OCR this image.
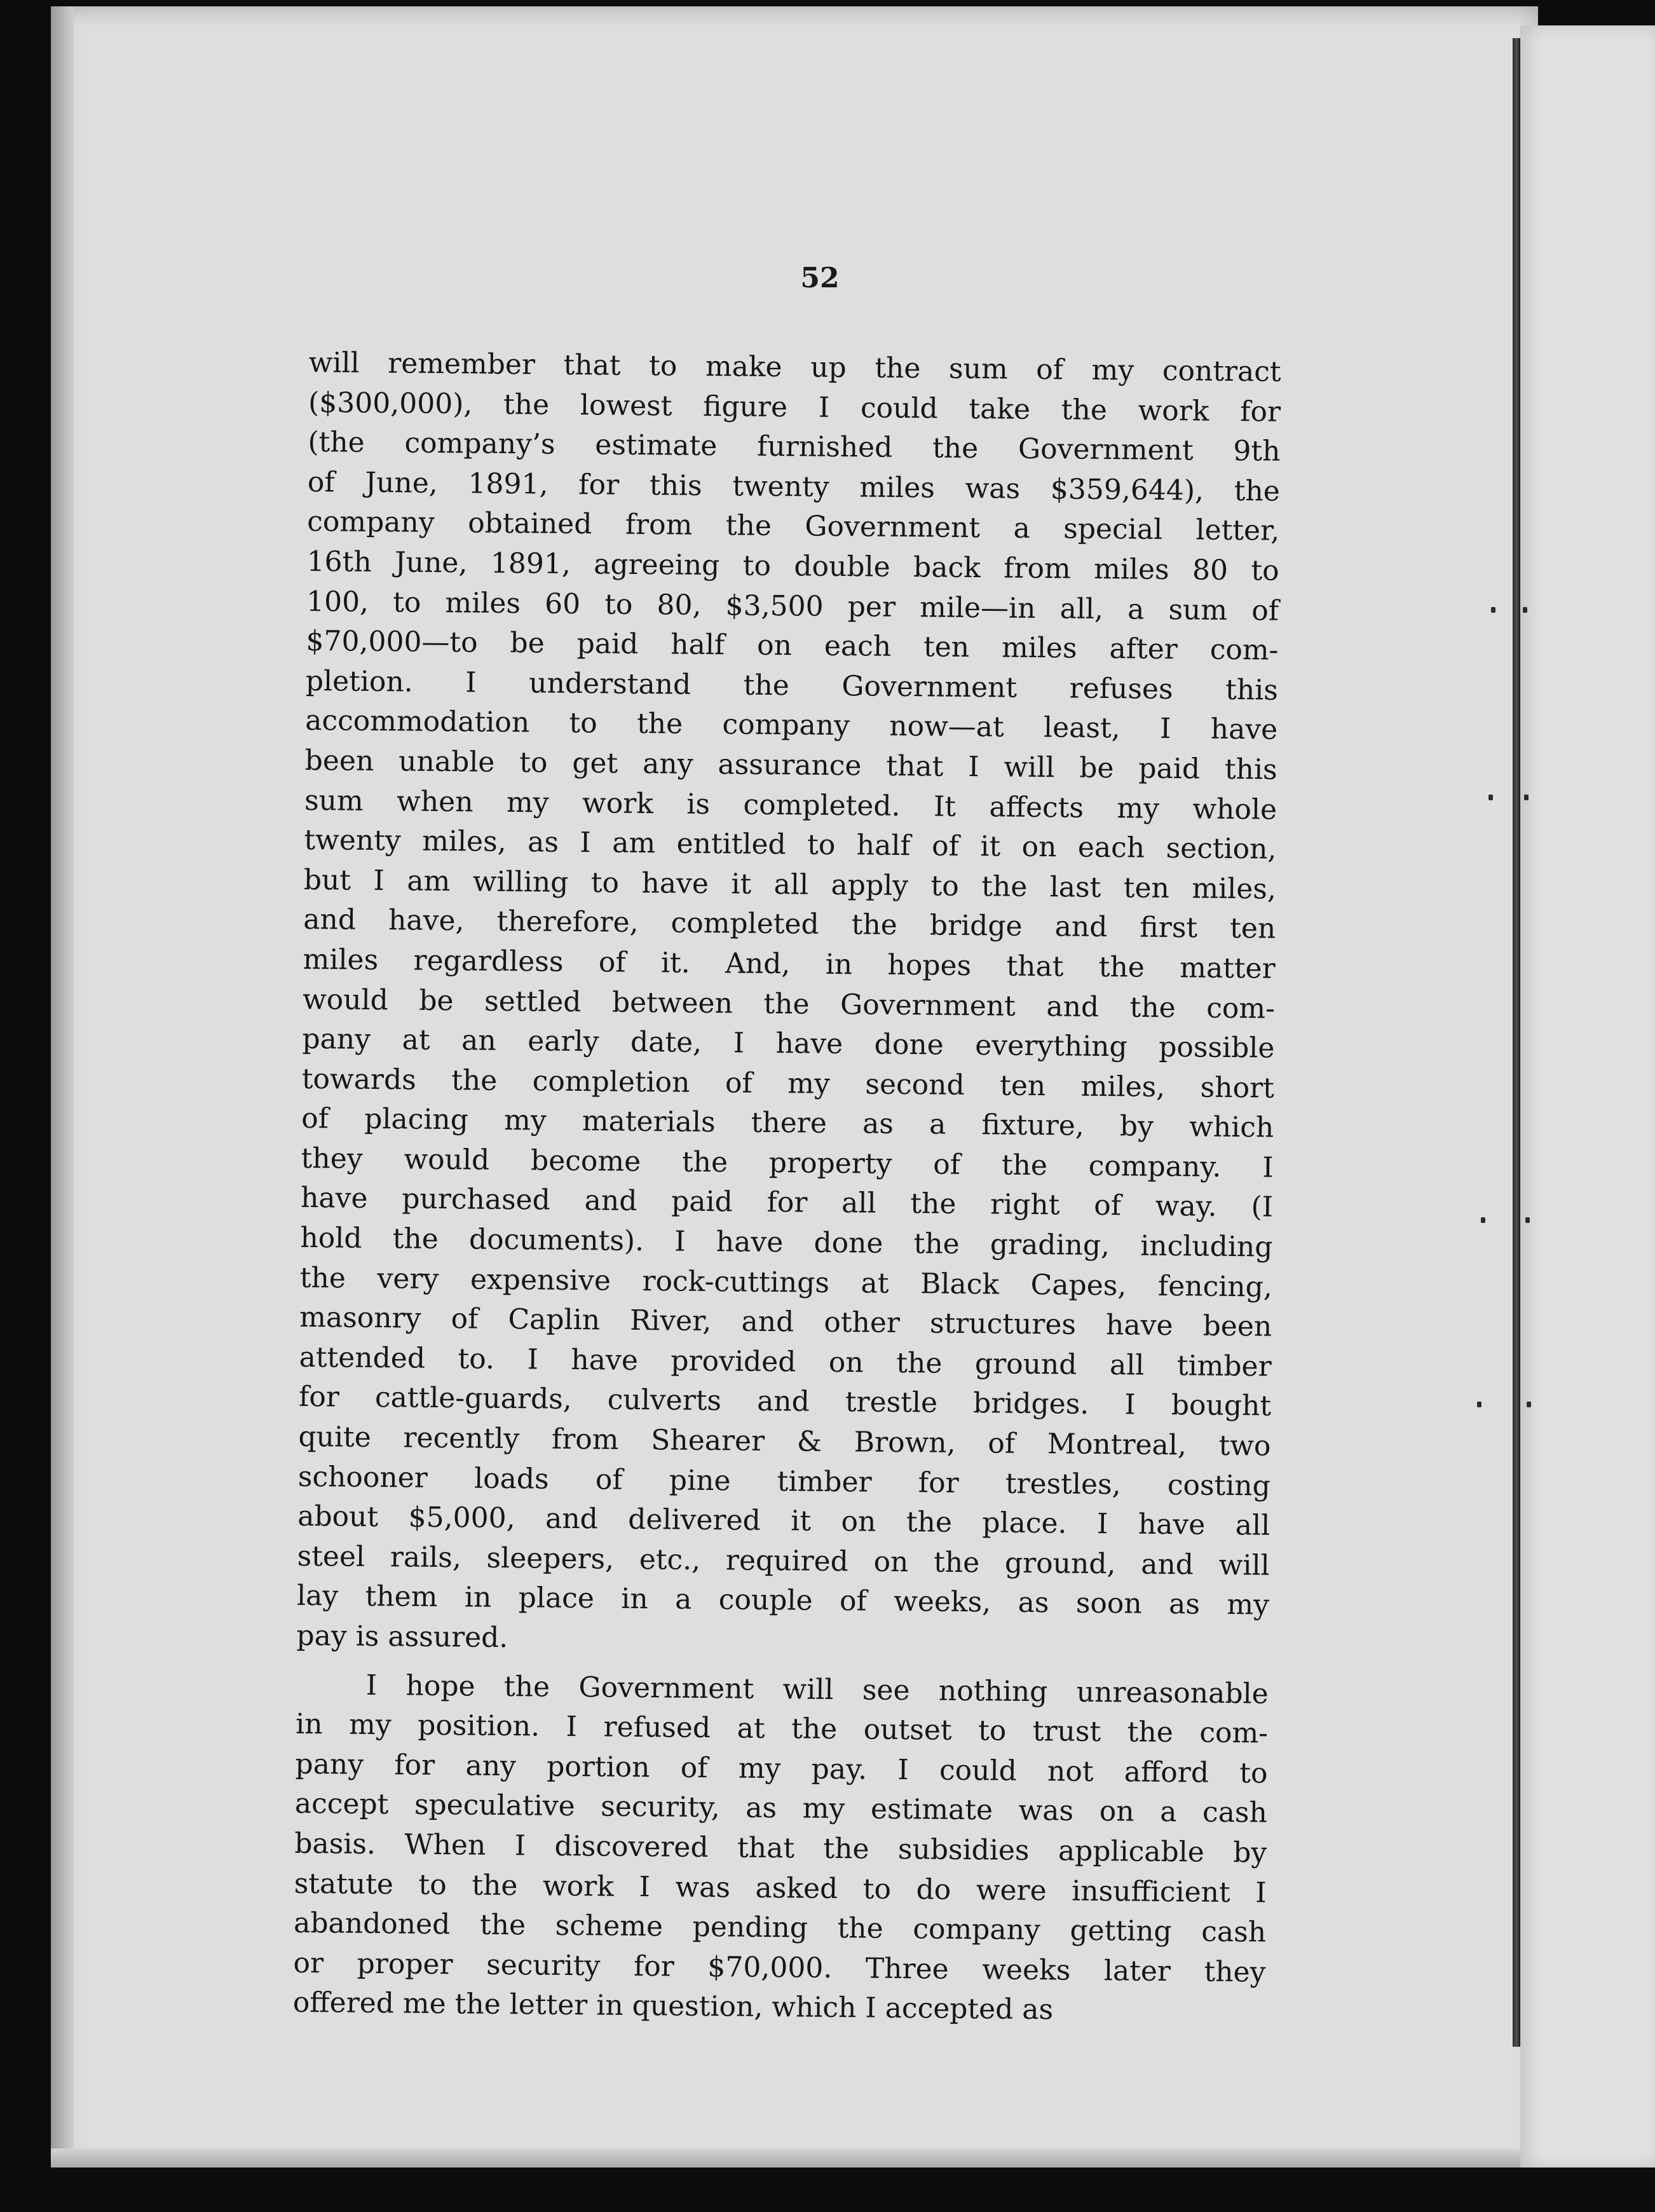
52
will remember that to make up the sum of my contract
($300,000), the lowest figure I could take the work for
(the company’s estimate furnished the Government 9th
of June, 1891, for this twenty miles was $359,644), the
company obtained from the Government a special letter,
16th June, 1891, agreeing to double back from miles 80 to
100, to miles 60 to 80, $3,500 per mile—in all, a sum of
$70,000—to be paid half on each ten miles after com-
pletion. I understand the Government refuses this
accommodation to the company now—at least, I have
been unable to get any assurance that I will be paid this
sum when my work is completed. It affects my whole
twenty miles, as I am entitled to half of it on each section,
but I am willing to have it all apply to the last ten miles,
and have, therefore, completed the bridge and first ten
miles regardless of it. And, in hopes that the matter
would be settled between the Government and the com-
pany at an early date, I have done everything possible
towards the completion of my second ten miles, short
of placing my materials there as a fixture, by which
they would become the property of the company. I
have purchased and paid for all the right of way. (I
hold the documents). I have done the grading, including
the very expensive rock-cuttings at Black Capes, fencing,
masonry of Caplin River, and other structures have been
attended to. I have provided on the ground all timber
for cattle-guards, culverts and trestle bridges. I bought
quite recently from Shearer & Brown, of Montreal, two
schooner loads of pine timber for trestles, costing
about $5,000, and delivered it on the place. I have all
steel rails, sleepers, etc., required on the ground, and will
lay them in place in a couple of weeks, as soon as my
pay is assured.
I hope the Government will see nothing unreasonable
in my position. I refused at the outset to trust the com-
pany for any portion of my pay. I could not afford to
accept speculative security, as my estimate was on a cash
basis. When I discovered that the subsidies applicable by
statute to the work I was asked to do were insufficient I
abandoned the scheme pending the company getting cash
or proper security for $70,000. Three weeks later they
offered me the letter in question, which I accepted as
